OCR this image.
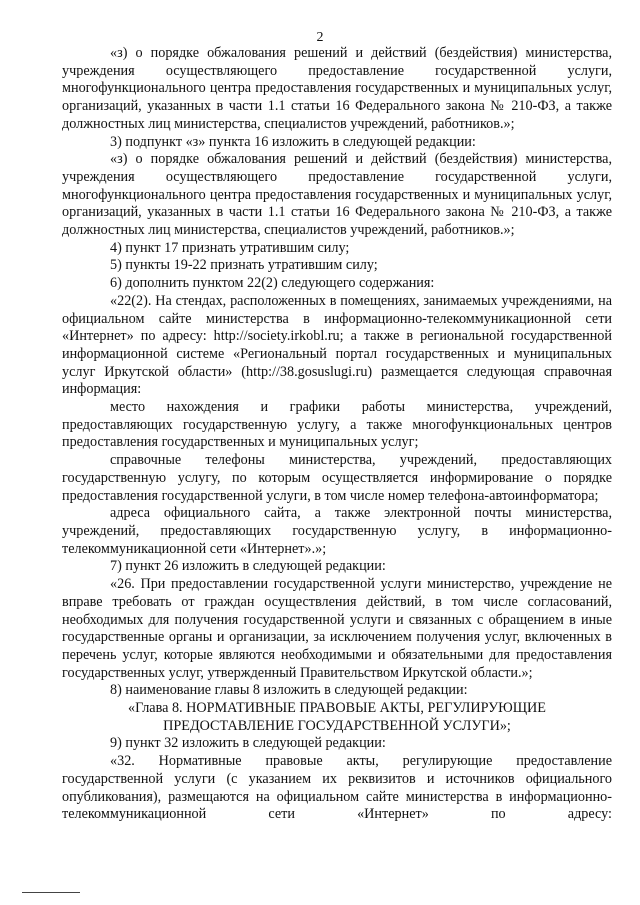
2

«з) о порядке обжалования решений и действий (бездействия) министерства, учреждения осуществляющего предоставление государственной услуги, многофункционального центра предоставления государственных и муниципальных услуг, организаций, указанных в части 1.1 статьи 16 Федерального закона № 210-ФЗ, а также должностных лиц министерства, специалистов учреждений, работников.»;

3) подпункт «з» пункта 16 изложить в следующей редакции:

«з) о порядке обжалования решений и действий (бездействия) министерства, учреждения осуществляющего предоставление государственной услуги, многофункционального центра предоставления государственных и муниципальных услуг, организаций, указанных в части 1.1 статьи 16 Федерального закона № 210-ФЗ, а также должностных лиц министерства, специалистов учреждений, работников.»;

4) пункт 17 признать утратившим силу;

5) пункты 19-22 признать утратившим силу;

6) дополнить пунктом 22(2) следующего содержания:

«22(2). На стендах, расположенных в помещениях, занимаемых учреждениями, на официальном сайте министерства в информационно-телекоммуникационной сети «Интернет» по адресу: http://society.irkobl.ru; а также в региональной государственной информационной системе «Региональный портал государственных и муниципальных услуг Иркутской области» (http://38.gosuslugi.ru) размещается следующая справочная информация:

место нахождения и графики работы министерства, учреждений, предоставляющих государственную услугу, а также многофункциональных центров предоставления государственных и муниципальных услуг;

справочные телефоны министерства, учреждений, предоставляющих государственную услугу, по которым осуществляется информирование о порядке предоставления государственной услуги, в том числе номер телефона-автоинформатора;

адреса официального сайта, а также электронной почты министерства, учреждений, предоставляющих государственную услугу, в информационно-телекоммуникационной сети «Интернет».»;

7) пункт 26 изложить в следующей редакции:

«26. При предоставлении государственной услуги министерство, учреждение не вправе требовать от граждан осуществления действий, в том числе согласований, необходимых для получения государственной услуги и связанных с обращением в иные государственные органы и организации, за исключением получения услуг, включенных в перечень услуг, которые являются необходимыми и обязательными для предоставления государственных услуг, утвержденный Правительством Иркутской области.»;

8) наименование главы 8 изложить в следующей редакции:

«Глава 8. НОРМАТИВНЫЕ ПРАВОВЫЕ АКТЫ, РЕГУЛИРУЮЩИЕ
ПРЕДОСТАВЛЕНИЕ ГОСУДАРСТВЕННОЙ УСЛУГИ»;

9) пункт 32 изложить в следующей редакции:

«32. Нормативные правовые акты, регулирующие предоставление государственной услуги (с указанием их реквизитов и источников официального опубликования), размещаются на официальном сайте министерства в информационно-телекоммуникационной сети «Интернет» по адресу:
